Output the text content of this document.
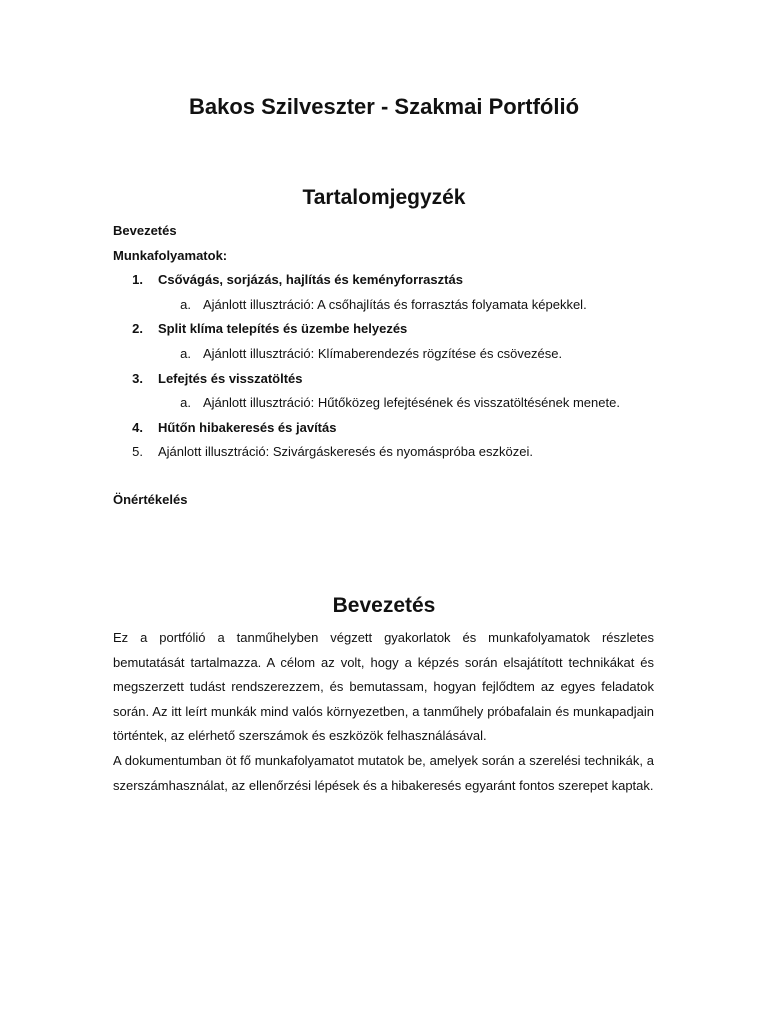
Bakos Szilveszter - Szakmai Portfólió
Tartalomjegyzék
Bevezetés
Munkafolyamatok:
1. Csővágás, sorjázás, hajlítás és keményforrasztás
a. Ajánlott illusztráció: A csőhajlítás és forrasztás folyamata képekkel.
2. Split klíma telepítés és üzembe helyezés
a. Ajánlott illusztráció: Klímaberendezés rögzítése és csövezése.
3. Lefejtés és visszatöltés
a. Ajánlott illusztráció: Hűtőközeg lefejtésének és visszatöltésének menete.
4. Hűtőn hibakeresés és javítás
5. Ajánlott illusztráció: Szivárgáskeresés és nyomáspróba eszközei.
Önértékelés
Bevezetés

Ez a portfólió a tanműhelyben végzett gyakorlatok és munkafolyamatok részletes bemutatását tartalmazza. A célom az volt, hogy a képzés során elsajátított technikákat és megszerzett tudást rendszerezzem, és bemutassam, hogyan fejlődtem az egyes feladatok során. Az itt leírt munkák mind valós környezetben, a tanműhely próbafalain és munkapadjain történtek, az elérhető szerszámok és eszközök felhasználásával.

A dokumentumban öt fő munkafolyamatot mutatok be, amelyek során a szerelési technikák, a szerszámhasználat, az ellenőrzési lépések és a hibakeresés egyaránt fontos szerepet kaptak.
